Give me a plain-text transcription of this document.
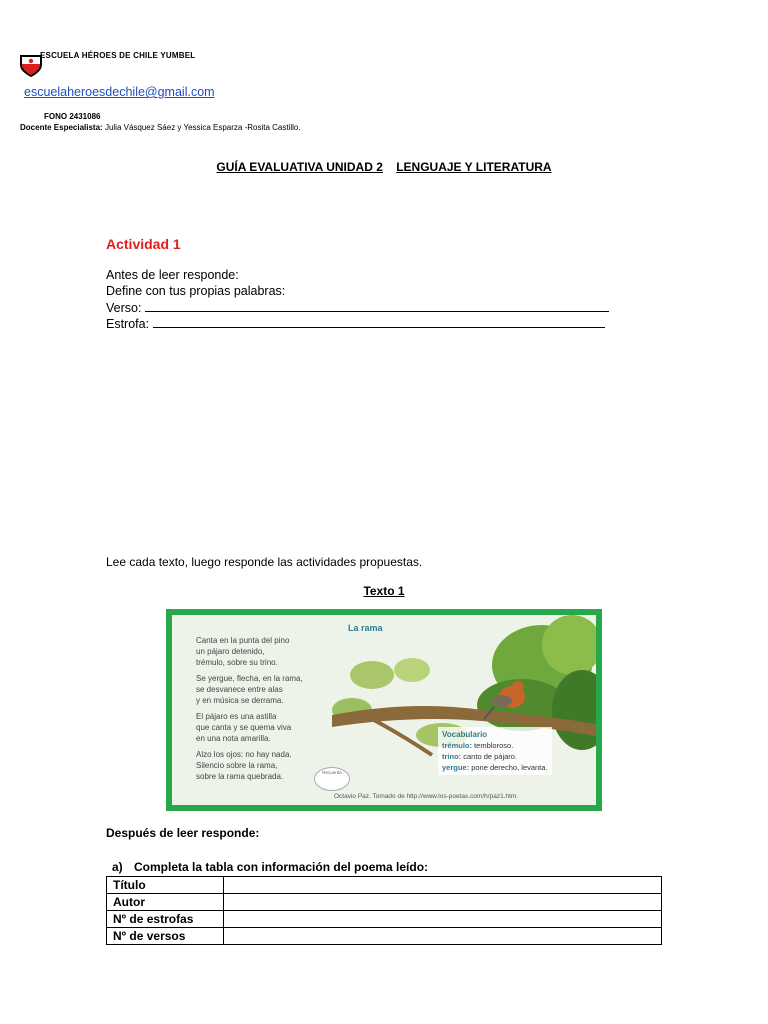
ESCUELA HÉROES DE CHILE YUMBEL
escuelaheroesdechile@gmail.com
FONO 2431086
Docente Especialista: Julia Vásquez Sáez y Yessica Esparza -Rosita Castillo.
GUÍA EVALUATIVA UNIDAD 2 LENGUAJE Y LITERATURA
Actividad 1
Antes de leer responde:
Define con tus propias palabras:
Verso:
Estrofa:
Lee cada texto, luego responde las actividades propuestas.
Texto 1
La rama
Canta en la punta del pino
un pájaro detenido,
trémulo, sobre su trino.
Se yergue, flecha, en la rama,
se desvanece entre alas
y en música se derrama.
El pájaro es una astilla
que canta y se quema viva
en una nota amarilla.
Alzo los ojos: no hay nada.
Silencio sobre la rama,
sobre la rama quebrada.	Recuerda
Vocabulario
trémulo: tembloroso.
trino: canto de pájaro.
yergue: pone derecho, levanta.
Octavio Paz. Tomado de http://www.los-poetas.com/h/paz1.htm.
Después de leer responde:
a) Completa la tabla con información del poema leído:
Título	
Autor	
Nº de estrofas	
Nº de versos	
